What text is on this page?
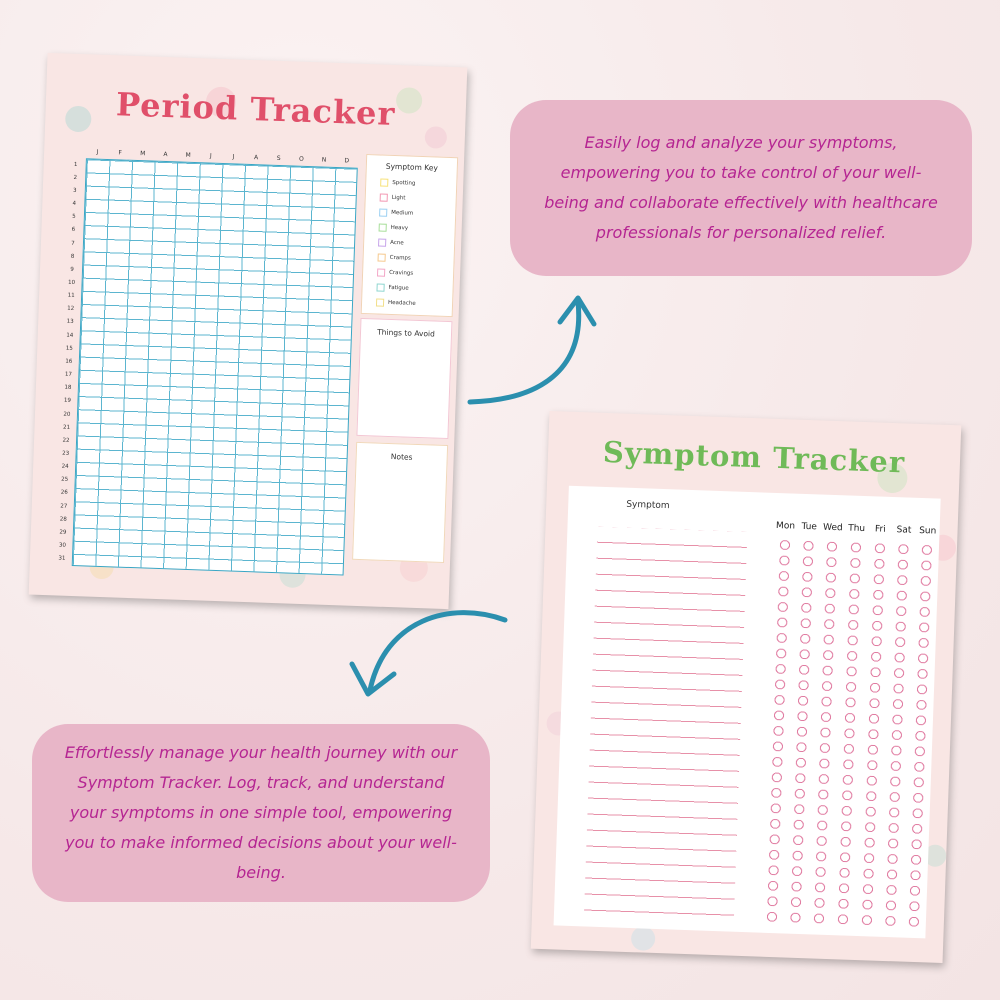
Period Tracker
J	F	M	A	M	J	J	A	S	O	N	D
1
2
3
4
5
6
7
8
9
10
11
12
13
14
15
16
17
18
19
20
21
22
23
24
25
26
27
28
29
30
31
Symptom Key
Spotting
Light
Medium
Heavy
Acne
Cramps
Cravings
Fatigue
Headache
Things to Avoid
Notes	Symptom Tracker
Symptom
Mon Tue Wed Thu	Fri	Sat Sun
Easily log and analyze your symptoms, empowering you to take control of your well-being and collaborate effectively with healthcare professionals for personalized relief.
Effortlessly manage your health journey with our Symptom Tracker. Log, track, and understand your symptoms in one simple tool, empowering you to make informed decisions about your well-being.
